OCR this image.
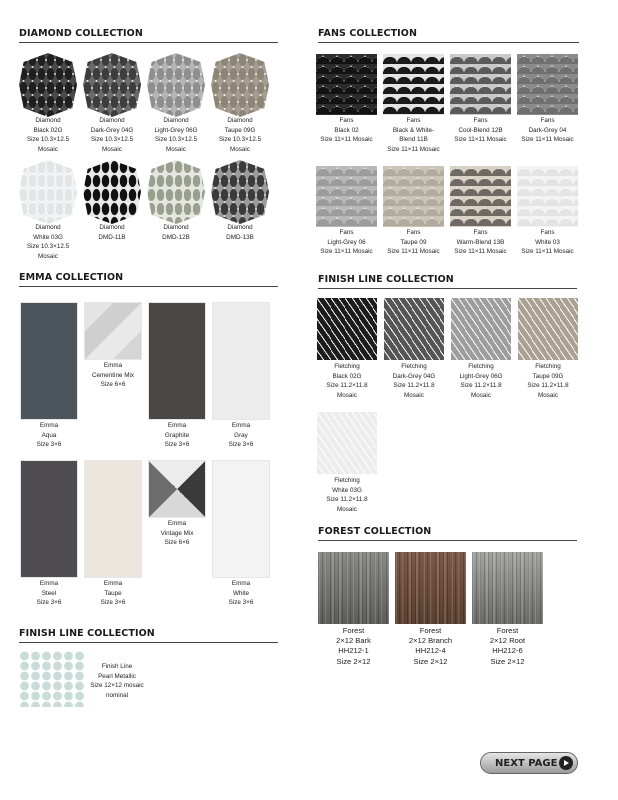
DIAMOND COLLECTION	FANS COLLECTION
EMMA COLLECTION	FINISH LINE COLLECTION
FINISH LINE COLLECTION
FOREST COLLECTION
NEXT PAGE
Diamond
Black 02G
Size 10.3×12.5
Mosaic
Diamond
Dark-Grey 04G
Size 10.3×12.5
Mosaic
Diamond
Light-Grey 06G
Size 10.3×12.5
Mosaic
Diamond
Taupe 09G
Size 10.3×12.5
Mosaic
Diamond
White 03G
Size 10.3×12.5
Mosaic
Diamond
DMD-11B
Diamond
DMD-12B
Diamond
DMD-13B
Fans
Black 02
Size 11×11 Mosaic
Fans
Black & White-
Blend 11B
Size 11×11 Mosaic
Fans
Cool-Blend 12B
Size 11×11 Mosaic
Fans
Dark-Grey 04
Size 11×11 Mosaic
Fans
Light-Grey 06
Size 11×11 Mosaic
Fans
Taupe 09
Size 11×11 Mosaic
Fans
Warm-Blend 13B
Size 11×11 Mosaic
Fans
White 03
Size 11×11 Mosaic
Emma
Aqua
Size 3×6
Emma
Cementine Mix
Size 6×6
Emma
Graphite
Size 3×6
Emma
Gray
Size 3×6
Emma
Steel
Size 3×6
Emma
Taupe
Size 3×6
Emma
Vintage Mix
Size 6×6
Emma
White
Size 3×6
Fletching
Black 02G
Size 11.2×11.8
Mosaic
Fletching
Dark-Grey 04G
Size 11.2×11.8
Mosaic
Fletching
Light-Grey 06G
Size 11.2×11.8
Mosaic
Fletching
Taupe 09G
Size 11.2×11.8
Mosaic
Fletching
White 03G
Size 11.2×11.8
Mosaic
Finish Line
Pearl Metallic
Size 12×12 mosaic
nominal
Forest
2×12 Bark
HH212-1
Size 2×12
Forest
2×12 Branch
HH212-4
Size 2×12
Forest
2×12 Root
HH212-6
Size 2×12
